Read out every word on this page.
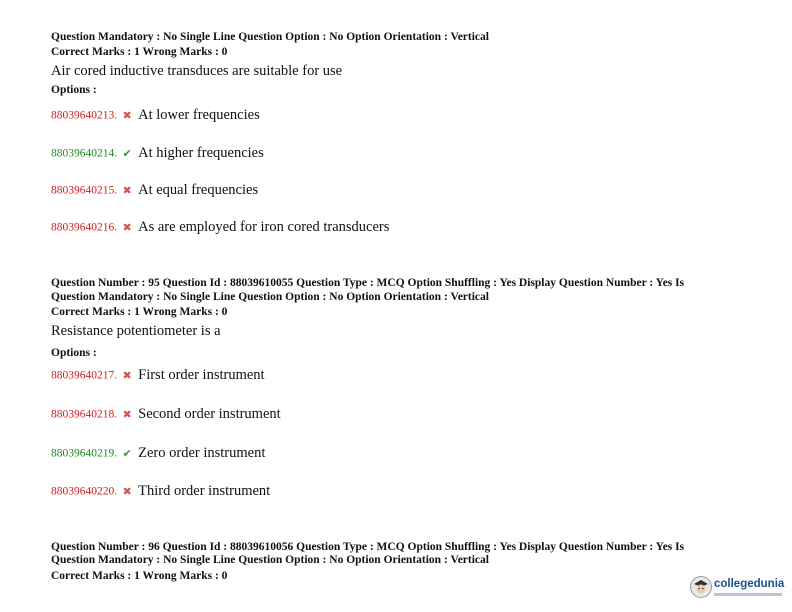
Question Mandatory : No Single Line Question Option : No Option Orientation : Vertical
Correct Marks : 1 Wrong Marks : 0
Air cored inductive transduces are suitable for use
Options :
88039640213. ✖ At lower frequencies
88039640214. ✔ At higher frequencies
88039640215. ✖ At equal frequencies
88039640216. ✖ As are employed for iron cored transducers
Question Number : 95 Question Id : 88039610055 Question Type : MCQ Option Shuffling : Yes Display Question Number : Yes Is
Question Mandatory : No Single Line Question Option : No Option Orientation : Vertical
Correct Marks : 1 Wrong Marks : 0
Resistance potentiometer is a
Options :
88039640217. ✖ First order instrument
88039640218. ✖ Second order instrument
88039640219. ✔ Zero order instrument
88039640220. ✖ Third order instrument
Question Number : 96 Question Id : 88039610056 Question Type : MCQ Option Shuffling : Yes Display Question Number : Yes Is
Question Mandatory : No Single Line Question Option : No Option Orientation : Vertical
Correct Marks : 1 Wrong Marks : 0
collegedunia
